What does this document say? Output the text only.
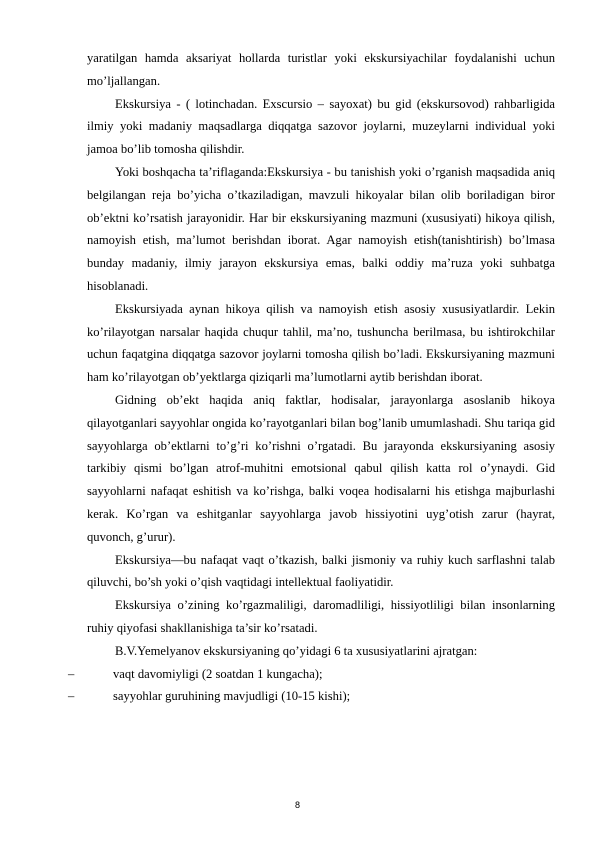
yaratilgan hamda aksariyat hollarda turistlar yoki ekskursiyachilar foydalanishi uchun mo’ljallangan.

Ekskursiya - ( lotinchadan. Exscursio – sayoxat) bu gid (ekskursovod) rahbarligida ilmiy yoki madaniy maqsadlarga diqqatga sazovor joylarni, muzeylarni individual yoki jamoa bo’lib tomosha qilishdir.

Yoki boshqacha ta’riflaganda:Ekskursiya - bu tanishish yoki o’rganish maqsadida aniq belgilangan reja bo’yicha o’tkaziladigan, mavzuli hikoyalar bilan olib boriladigan biror ob’ektni ko’rsatish jarayonidir. Har bir ekskursiyaning mazmuni (xususiyati) hikoya qilish, namoyish etish, ma’lumot berishdan iborat. Agar namoyish etish(tanishtirish) bo’lmasa bunday madaniy, ilmiy jarayon ekskursiya emas, balki oddiy ma’ruza yoki suhbatga hisoblanadi.

Ekskursiyada aynan hikoya qilish va namoyish etish asosiy xususiyatlardir. Lekin ko’rilayotgan narsalar haqida chuqur tahlil, ma’no, tushuncha berilmasa, bu ishtirokchilar uchun faqatgina diqqatga sazovor joylarni tomosha qilish bo’ladi. Ekskursiyaning mazmuni ham ko’rilayotgan ob’yektlarga qiziqarli ma’lumotlarni aytib berishdan iborat.

Gidning ob’ekt haqida aniq faktlar, hodisalar, jarayonlarga asoslanib hikoya qilayotganlari sayyohlar ongida ko’rayotganlari bilan bog’lanib umumlashadi. Shu tariqa gid sayyohlarga ob’ektlarni to’g’ri ko’rishni o’rgatadi. Bu jarayonda ekskursiyaning asosiy tarkibiy qismi bo’lgan atrof-muhitni emotsional qabul qilish katta rol o’ynaydi. Gid sayyohlarni nafaqat eshitish va ko’rishga, balki voqea hodisalarni his etishga majburlashi kerak. Ko’rgan va eshitganlar sayyohlarga javob hissiyotini uyg’otish zarur (hayrat, quvonch, g’urur).

Ekskursiya—bu nafaqat vaqt o’tkazish, balki jismoniy va ruhiy kuch sarflashni talab qiluvchi, bo’sh yoki o’qish vaqtidagi intellektual faoliyatidir.

Ekskursiya o’zining ko’rgazmaliligi, daromadliligi, hissiyotliligi bilan insonlarning ruhiy qiyofasi shakllanishiga ta’sir ko’rsatadi.

B.V.Yemelyanov ekskursiyaning qo’yidagi 6 ta xususiyatlarini ajratgan:

–	vaqt davomiyligi (2 soatdan 1 kungacha);
–	sayyohlar guruhining mavjudligi (10-15 kishi);
8
